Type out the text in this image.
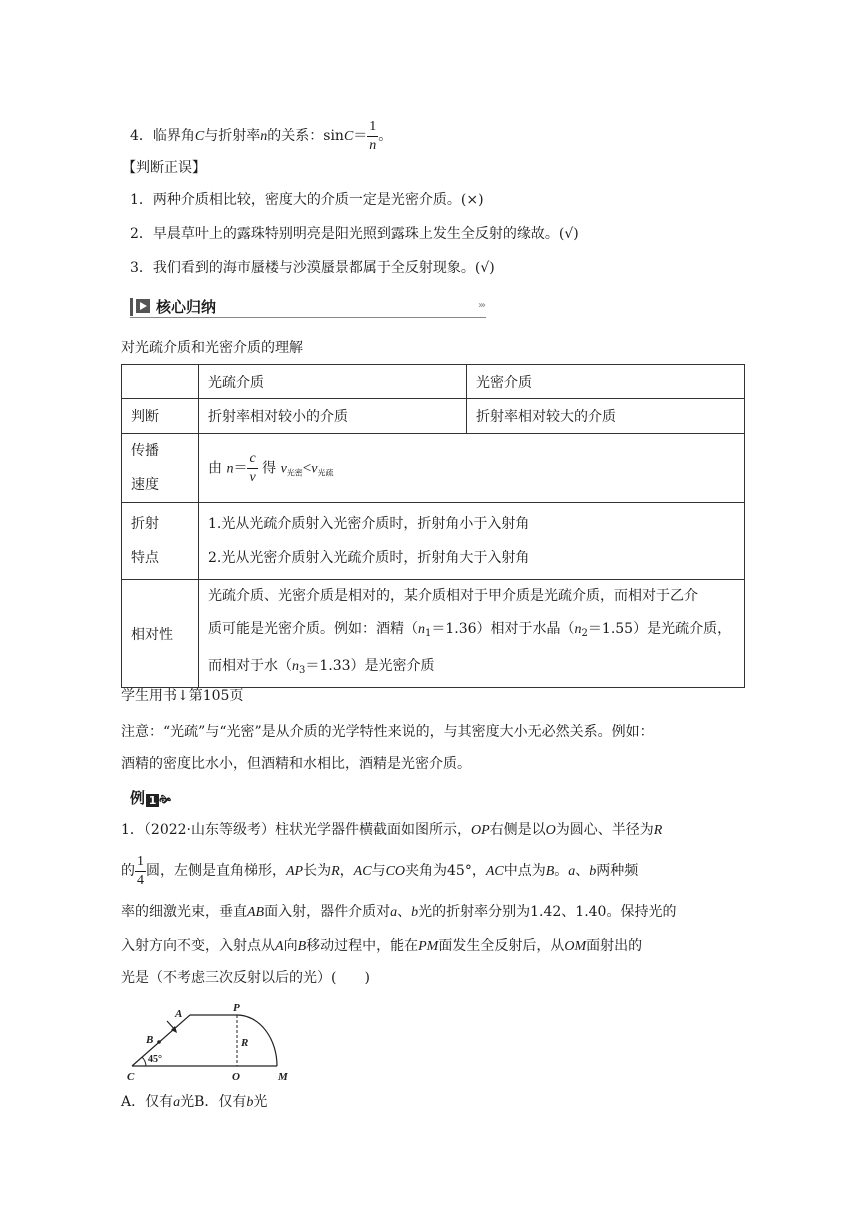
4．临界角C与折射率n的关系：$\sin C= \frac{1}{n}$ 。
【判断正误】
1．两种介质相比较，密度大的介质一定是光密介质。(×)
2．早晨草叶上的露珠特别明亮是阳光照到露珠上发生全反射的缘故。(√)
3．我们看到的海市蜃楼与沙漠蜃景都属于全反射现象。(√)
核心归纳	›››
对光疏介质和光密介质的理解
	光疏介质	光密介质
判断	折射率相对较小的介质	折射率相对较大的介质
传播
速度	由 $n= \frac{c}{v}$ 得 $v_{光密}<v_{光疏}$
折射
特点	1.光从光疏介质射入光密介质时，折射角小于入射角
2.光从光密介质射入光疏介质时，折射角大于入射角	
相对性	光疏介质、光密介质是相对的，某介质相对于甲介质是光疏介质，而相对于乙介
质可能是光密介质。例如：酒精$(n_1=1.36)$相对于水晶$(n_2=1.55)$是光疏介质，
而相对于水$(n_3=1.33)$是光密介质	
学生用书↓第105页
注意：“光疏”与“光密”是从介质的光学特性来说的，与其密度大小无必然关系。例如：
酒精的密度比水小，但酒精和水相比，酒精是光密介质。
例 1 🙞
1．（2022·山东等级考）柱状光学器件横截面如图所示，OP右侧是以O为圆心、半径为R
的 $\frac{1}{4}$ 圆，左侧是直角梯形，AP长为R，AC与CO夹角为45°，AC中点为B。a、b两种频
率的细激光束，垂直AB面入射，器件介质对a、b光的折射率分别为1.42、1.40。保持光的
入射方向不变，入射点从A向B移动过程中，能在PM面发生全反射后，从OM面射出的
光是（不考虑三次反射以后的光）(　　)
A	P
B	R
C	O	M
45°
A．仅有a光B．仅有b光
